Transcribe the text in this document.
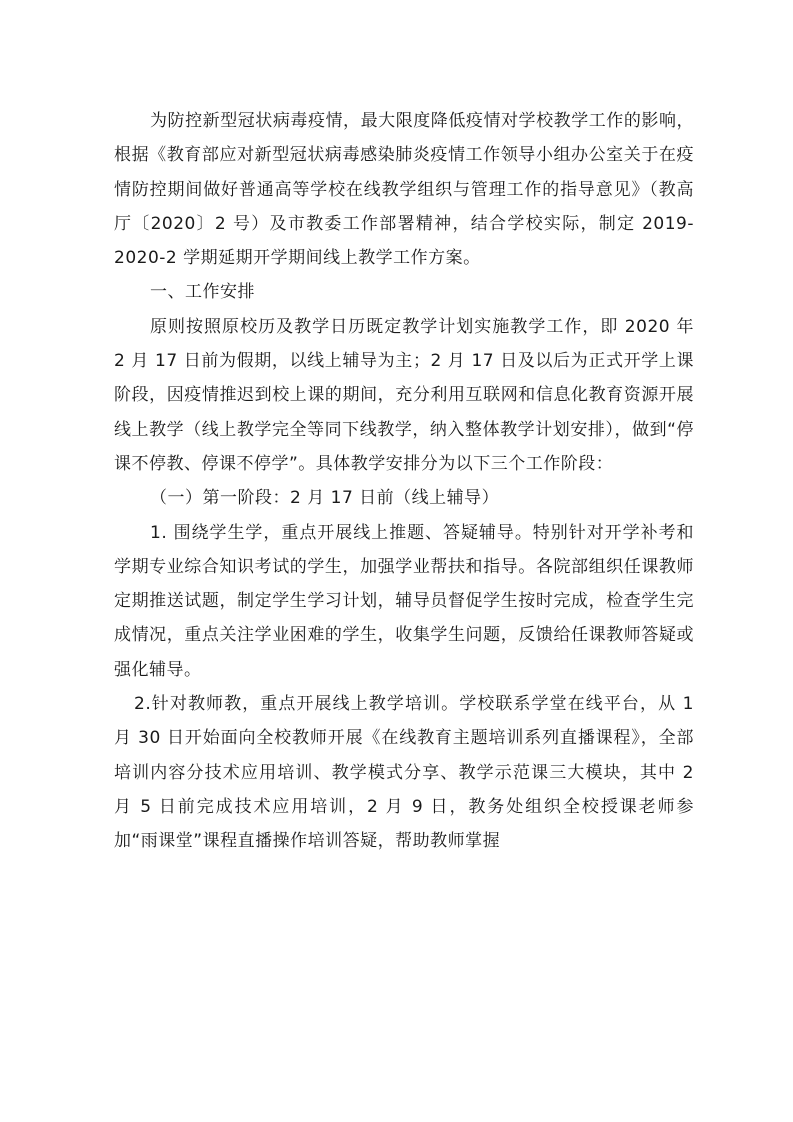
为防控新型冠状病毒疫情，最大限度降低疫情对学校教学工作的影响，根据《教育部应对新型冠状病毒感染肺炎疫情工作领导小组办公室关于在疫情防控期间做好普通高等学校在线教学组织与管理工作的指导意见》（教高厅〔2020〕2 号）及市教委工作部署精神，结合学校实际，制定 2019-2020-2 学期延期开学期间线上教学工作方案。

一、工作安排

原则按照原校历及教学日历既定教学计划实施教学工作，即 2020 年 2 月 17 日前为假期，以线上辅导为主；2 月 17 日及以后为正式开学上课阶段，因疫情推迟到校上课的期间，充分利用互联网和信息化教育资源开展线上教学（线上教学完全等同下线教学，纳入整体教学计划安排），做到“停课不停教、停课不停学”。具体教学安排分为以下三个工作阶段：

（一）第一阶段：2 月 17 日前（线上辅导）

1. 围绕学生学，重点开展线上推题、答疑辅导。特别针对开学补考和学期专业综合知识考试的学生，加强学业帮扶和指导。各院部组织任课教师定期推送试题，制定学生学习计划，辅导员督促学生按时完成，检查学生完成情况，重点关注学业困难的学生，收集学生问题，反馈给任课教师答疑或强化辅导。

2.针对教师教，重点开展线上教学培训。学校联系学堂在线平台，从 1 月 30 日开始面向全校教师开展《在线教育主题培训系列直播课程》，全部培训内容分技术应用培训、教学模式分享、教学示范课三大模块，其中 2 月 5 日前完成技术应用培训，2 月 9 日，教务处组织全校授课老师参加“雨课堂”课程直播操作培训答疑，帮助教师掌握
